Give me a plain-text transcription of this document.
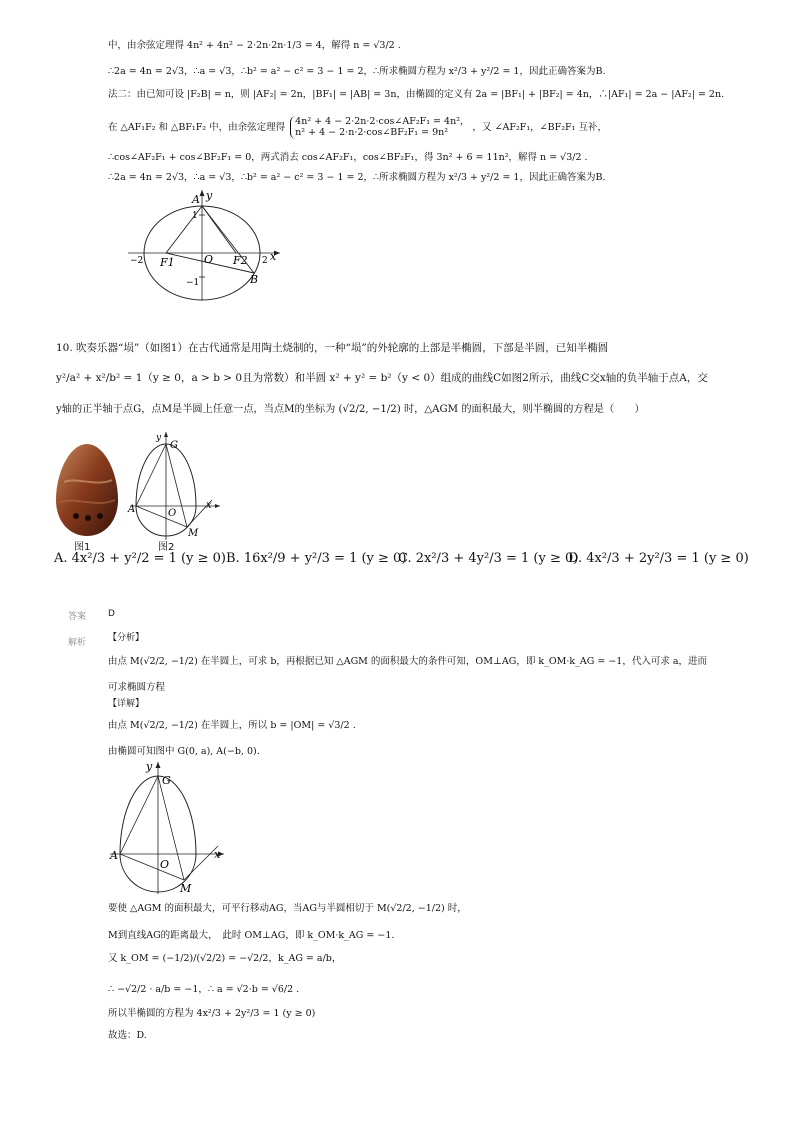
中，由余弦定理得 4n² + 4n² − 2·2n·2n·1/3 = 4，解得 n = √3/2 .
∴2a = 4n = 2√3，∴a = √3，∴b² = a² − c² = 3 − 1 = 2，∴所求椭圆方程为 x²/3 + y²/2 = 1，因此正确答案为B.
法二：由已知可设 |F₂B| = n，则 |AF₂| = 2n，|BF₁| = |AB| = 3n，由椭圆的定义有 2a = |BF₁| + |BF₂| = 4n，∴|AF₁| = 2a − |AF₂| = 2n.
在 △AF₁F₂ 和 △BF₁F₂ 中，由余弦定理得
4n² + 4 − 2·2n·2·cos∠AF₂F₁ = 4n²，
n² + 4 − 2·n·2·cos∠BF₂F₁ = 9n²	，又 ∠AF₂F₁，∠BF₂F₁ 互补，
∴cos∠AF₂F₁ + cos∠BF₂F₁ = 0，两式消去 cos∠AF₂F₁，cos∠BF₂F₁，得 3n² + 6 = 11n²，解得 n = √3/2 .
∴2a = 4n = 2√3，∴a = √3，∴b² = a² − c² = 3 − 1 = 2，∴所求椭圆方程为 x²/3 + y²/2 = 1，因此正确答案为B.
A y
1
−2 F1	O F2 2 x
−1	B
10. 吹奏乐器“埙”（如图1）在古代通常是用陶土烧制的，一种“埙”的外轮廓的上部是半椭圆，下部是半圆，已知半椭圆
y²/a² + x²/b² = 1（y ≥ 0，a > b > 0且为常数）和半圆 x² + y² = b²（y < 0）组成的曲线C如图2所示，曲线C交x轴的负半轴于点A，交
y轴的正半轴于点G，点M是半圆上任意一点，当点M的坐标为 (√2/2, −1/2) 时，△AGM 的面积最大，则半椭圆的方程是（　　）
图1
y
G
A	O
x
M
图2
A. 4x²/3 + y²/2 = 1 (y ≥ 0) B. 16x²/9 + y²/3 = 1 (y ≥ 0)
C. 2x²/3 + 4y²/3 = 1 (y ≥ 0)
D. 4x²/3 + 2y²/3 = 1 (y ≥ 0)
答案 D
解析 【分析】
由点 M(√2/2, −1/2) 在半圆上，可求 b，再根据已知 △AGM 的面积最大的条件可知，OM⊥AG，即 k_OM·k_AG = −1，代入可求 a，进而
可求椭圆方程
【详解】
由点 M(√2/2, −1/2) 在半圆上，所以 b = |OM| = √3/2 .
由椭圆可知图中 G(0, a), A(−b, 0).
y
G
A
O
x
M
要使 △AGM 的面积最大，可平行移动AG，当AG与半圆相切于 M(√2/2, −1/2) 时，
M到直线AG的距离最大，　此时 OM⊥AG，即 k_OM·k_AG = −1.
又 k_OM = (−1/2)/(√2/2) = −√2/2，k_AG = a/b，
∴ −√2/2 · a/b = −1，∴ a = √2·b = √6/2 .
所以半椭圆的方程为 4x²/3 + 2y²/3 = 1 (y ≥ 0)
故选：D.
